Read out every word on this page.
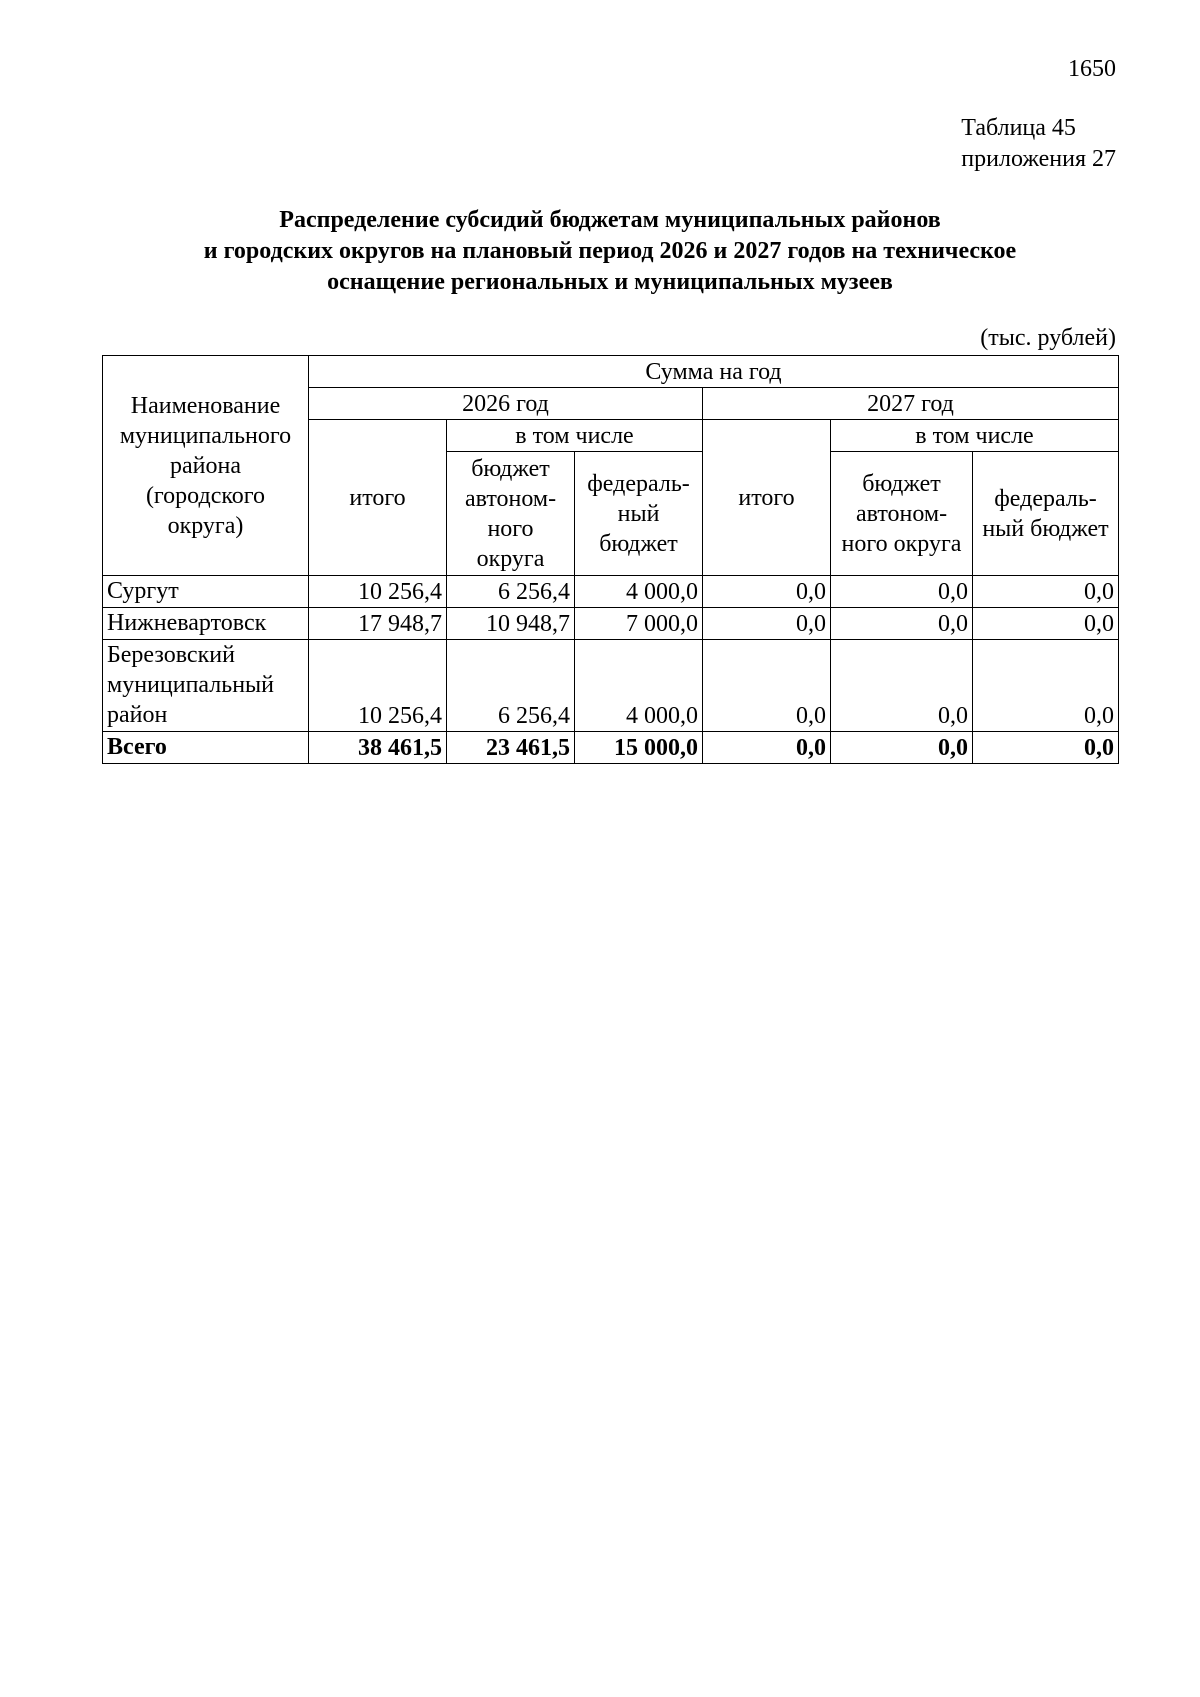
1650
Таблица 45
приложения 27
Распределение субсидий бюджетам муниципальных районов
и городских округов на плановый период 2026 и 2027 годов на техническое
оснащение региональных и муниципальных музеев
(тыс. рублей)
Наименование муниципального района (городского округа)	Сумма на год					
	2026 год			2027 год		
	итого	в том числе		итого	в том числе	
		бюджет автоном-ного округа	федераль-ный бюджет		бюджет автоном-ного округа	федераль-ный бюджет
Сургут	10 256,4	6 256,4	4 000,0	0,0	0,0	0,0
Нижневартовск	17 948,7	10 948,7	7 000,0	0,0	0,0	0,0
Березовский муниципальный район	10 256,4	6 256,4	4 000,0	0,0	0,0	0,0
Всего	38 461,5	23 461,5	15 000,0	0,0	0,0	0,0
